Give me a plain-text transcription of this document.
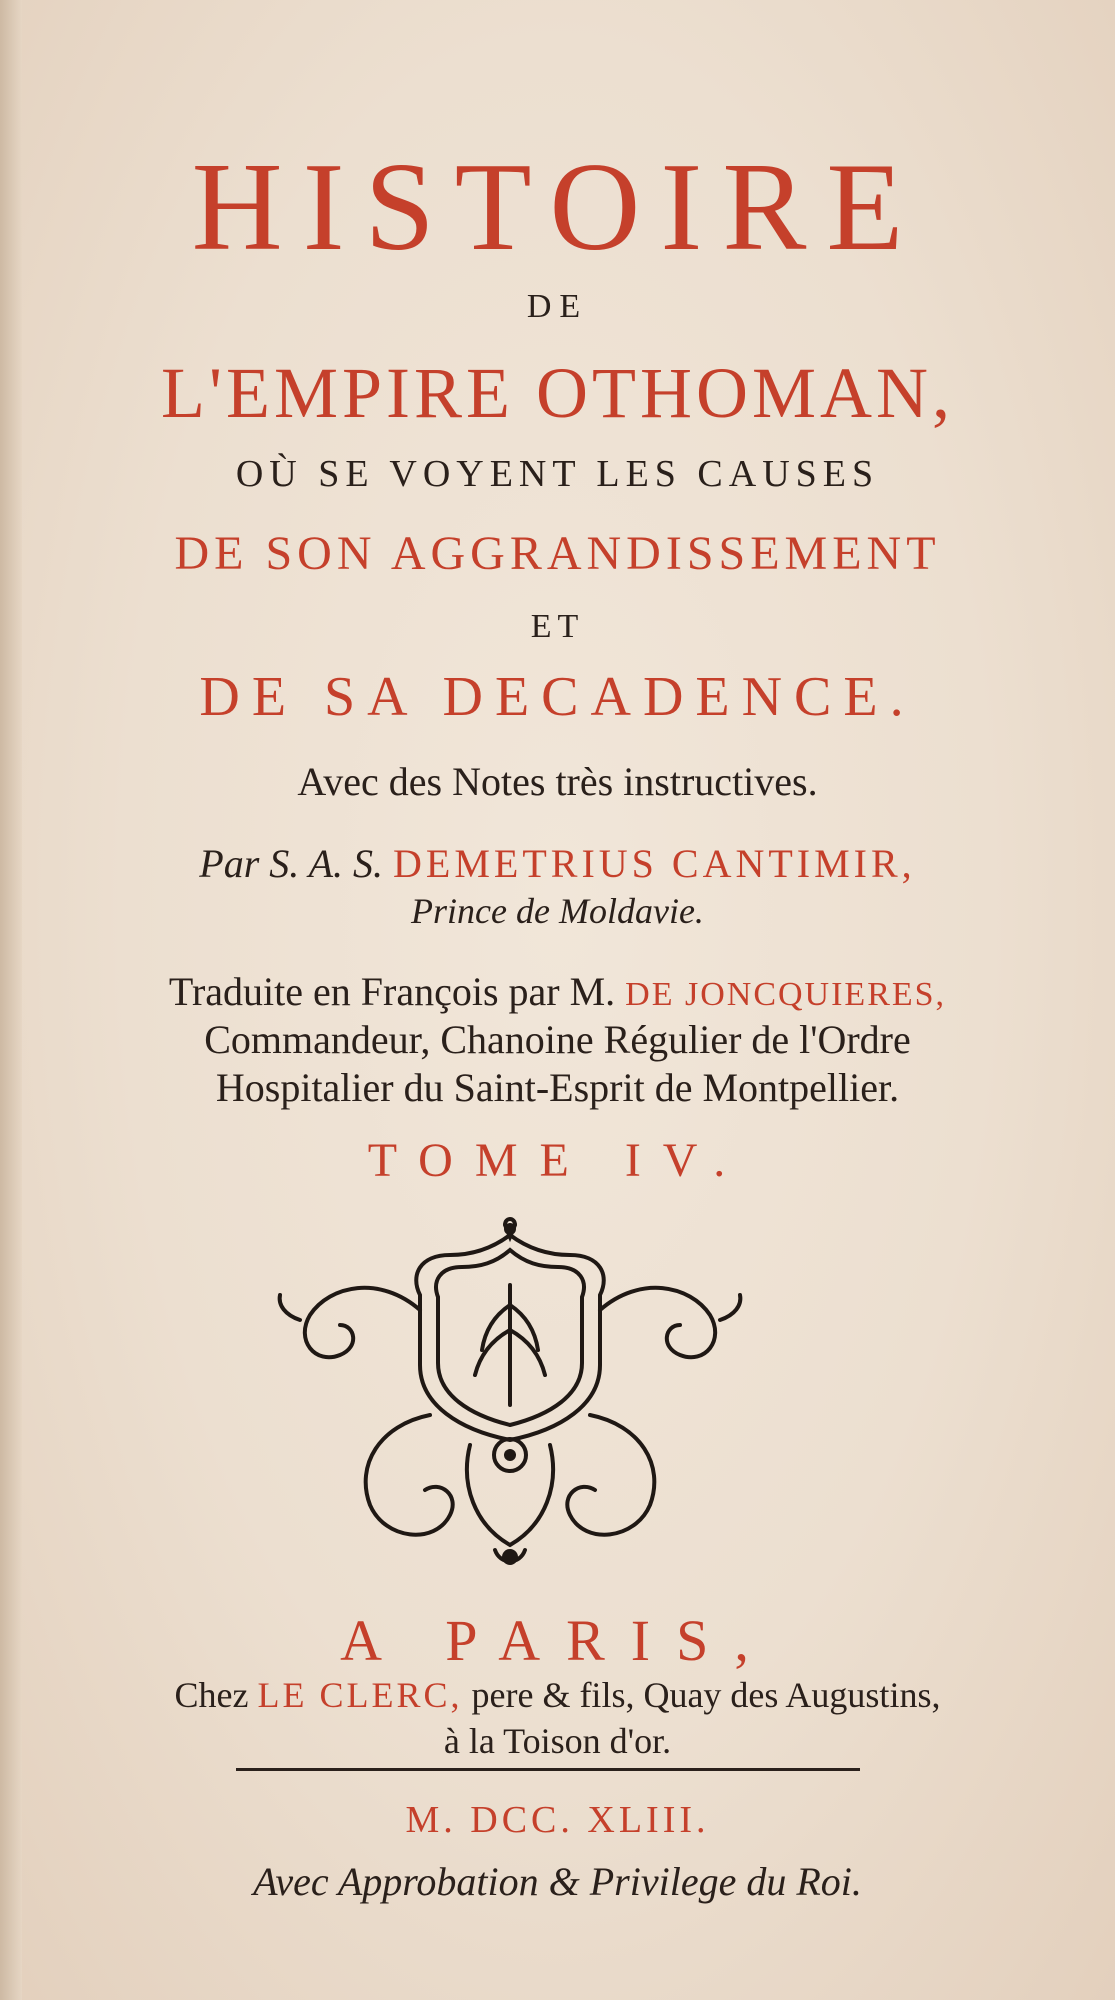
HISTOIRE
DE
L'EMPIRE OTHOMAN,
OÙ SE VOYENT LES CAUSES
DE SON AGGRANDISSEMENT
ET
DE SA DECADENCE.
Avec des Notes très instructives.
Par S. A. S. DEMETRIUS CANTIMIR,
Prince de Moldavie.
Traduite en François par M. DE JONCQUIERES,
Commandeur, Chanoine Régulier de l'Ordre
Hospitalier du Saint-Esprit de Montpellier.
TOME IV.
A PARIS,
Chez LE CLERC, pere & fils, Quay des Augustins,
à la Toison d'or.
M. DCC. XLIII.
Avec Approbation & Privilege du Roi.
